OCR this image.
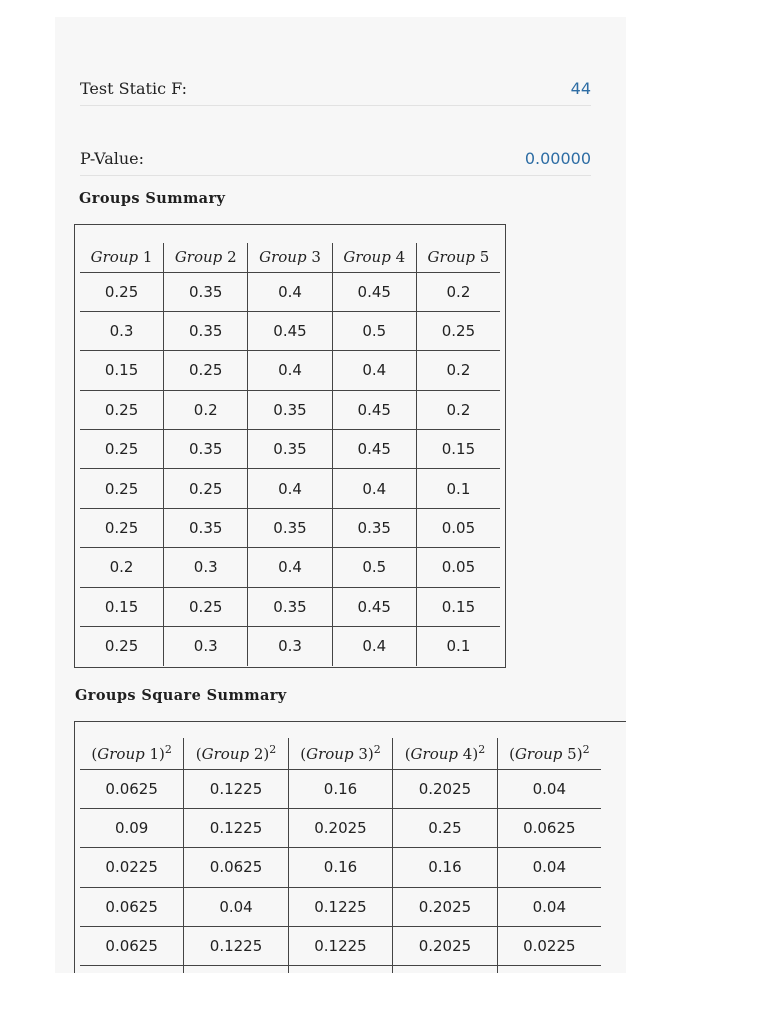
Test Static F:	44
P-Value:	0.00000
Groups Summary
Group 1	Group 2	Group 3	Group 4	Group 5
0.25	0.35	0.4	0.45	0.2
0.3	0.35	0.45	0.5	0.25
0.15	0.25	0.4	0.4	0.2
0.25	0.2	0.35	0.45	0.2
0.25	0.35	0.35	0.45	0.15
0.25	0.25	0.4	0.4	0.1
0.25	0.35	0.35	0.35	0.05
0.2	0.3	0.4	0.5	0.05
0.15	0.25	0.35	0.45	0.15
0.25	0.3	0.3	0.4	0.1
Groups Square Summary
(Group 1)$^2$	(Group 2)$^2$	(Group 3)$^2$	(Group 4)$^2$	(Group 5)$^2$
0.0625	0.1225	0.16	0.2025	0.04
0.09	0.1225	0.2025	0.25	0.0625
0.0225	0.0625	0.16	0.16	0.04
0.0625	0.04	0.1225	0.2025	0.04
0.0625	0.1225	0.1225	0.2025	0.0225
